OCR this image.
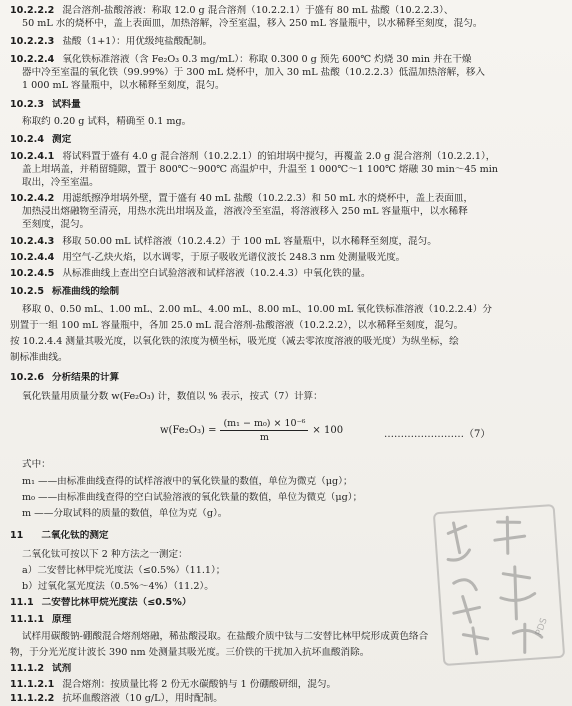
10.2.2.2 混合溶剂-盐酸溶液：称取 12.0 g 混合溶剂（10.2.2.1）于盛有 80 mL 盐酸（10.2.2.3）、
50 mL 水的烧杯中，盖上表面皿，加热溶解，冷至室温，移入 250 mL 容量瓶中，以水稀释至刻度，混匀。
10.2.2.3 盐酸（1+1）：用优级纯盐酸配制。
10.2.2.4 氧化铁标准溶液（含 Fe₂O₃ 0.3 mg/mL）：称取 0.300 0 g 预先 600℃ 灼烧 30 min 并在干燥
器中冷至室温的氧化铁（99.99%）于 300 mL 烧杯中，加入 30 mL 盐酸（10.2.2.3）低温加热溶解，移入
1 000 mL 容量瓶中，以水稀释至刻度，混匀。
10.2.3 试料量
称取约 0.20 g 试料，精确至 0.1 mg。
10.2.4 测定
10.2.4.1 将试料置于盛有 4.0 g 混合溶剂（10.2.2.1）的铂坩埚中搅匀，再覆盖 2.0 g 混合溶剂（10.2.2.1），
盖上坩埚盖，并稍留缝隙，置于 800℃～900℃ 高温炉中，升温至 1 000℃～1 100℃ 熔融 30 min～45 min
取出，冷至室温。
10.2.4.2 用滤纸擦净坩埚外壁，置于盛有 40 mL 盐酸（10.2.2.3）和 50 mL 水的烧杯中，盖上表面皿，
加热浸出熔融物至清亮，用热水洗出坩埚及盖，溶液冷至室温，将溶液移入 250 mL 容量瓶中，以水稀释
至刻度，混匀。
10.2.4.3 移取 50.00 mL 试样溶液（10.2.4.2）于 100 mL 容量瓶中，以水稀释至刻度，混匀。
10.2.4.4 用空气-乙炔火焰，以水调零，于原子吸收光谱仪波长 248.3 nm 处测量吸光度。
10.2.4.5 从标准曲线上查出空白试验溶液和试样溶液（10.2.4.3）中氧化铁的量。
10.2.5 标准曲线的绘制
移取 0、0.50 mL、1.00 mL、2.00 mL、4.00 mL、8.00 mL、10.00 mL 氧化铁标准溶液（10.2.2.4）分
别置于一组 100 mL 容量瓶中，各加 25.0 mL 混合溶剂-盐酸溶液（10.2.2.2），以水稀释至刻度，混匀。
按 10.2.4.4 测量其吸光度，以氧化铁的浓度为横坐标，吸光度（减去零浓度溶液的吸光度）为纵坐标，绘
制标准曲线。
10.2.6 分析结果的计算
氧化铁量用质量分数 w(Fe₂O₃) 计，数值以 % 表示，按式（7）计算：
$w(Fe_2O_3) = \frac{\text{(m₁ − m₀) × 10⁻⁶}}{m} \times 100$	……………………（7）
式中：
m₁ ——由标准曲线查得的试样溶液中的氧化铁量的数值，单位为微克（μg）；
m₀ ——由标准曲线查得的空白试验溶液的氧化铁量的数值，单位为微克（μg）；
m ——分取试料的质量的数值，单位为克（g）。
11 二氧化钛的测定
二氧化钛可按以下 2 种方法之一测定：
a）二安替比林甲烷光度法（≤0.5%）（11.1）；
b）过氧化氢光度法（0.5%～4%）（11.2）。
11.1 二安替比林甲烷光度法（≤0.5%）
11.1.1 原理
试样用碳酸钠-硼酸混合熔剂熔融，稀盐酸浸取。在盐酸介质中钛与二安替比林甲烷形成黄色络合
物，于分光光度计波长 390 nm 处测量其吸光度。三价铁的干扰加入抗坏血酸消除。
11.1.2 试剂
11.1.2.1 混合熔剂：按质量比将 2 份无水碳酸钠与 1 份硼酸研细，混匀。
11.1.2.2 抗坏血酸溶液（10 g/L），用时配制。
PDS
